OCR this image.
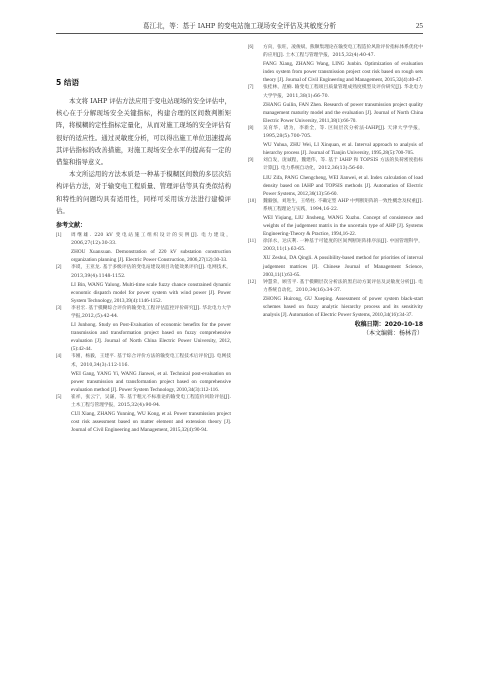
葛江北，等：基于 IAHP 的变电站施工现场安全评估及其敏度分析	25
5 结语

本文将 IAHP 评估方法应用于变电站现场的安全评估中，核心在于分解现场安全关键指标，构建合理的区间数判断矩阵，将模糊的定性指标定量化，从而对施工现场的安全评估有很好的适应性。通过灵敏度分析，可以得出施工单位迅速提高其评估指标的改善措施，对施工现场安全水平的提高有一定的借鉴和指导意义。

本文所运用的方法本质是一种基于模糊区间数的多层次结构评估方法，对于输变电工程质量、管理评估等具有类似结构和特性的问题均具有适用性，同样可采用该方法进行建模评估。

参考文献：
[1]	周继雄. 220 kV 变电站施工组织设计的实例[J]. 电力建设，2006,27(12):30-33.
ZHOU Xuanxuan. Demonstration of 220 kV substation construction organization planning [J]. Electric Power Construction, 2006,27(12):30-33.
[2]	李谟，王亚龙. 基于多级评估的变电站建设项目功能效果评价[J]. 电网技术，2013,39(4):1148-1152.
LI Bin, WANG Yalong. Multi-time scale fuzzy chance constrained dynamic economic dispatch model for power system with wind power [J]. Power System Technology, 2013,39(4):1146-1152.
[3]	李君宏. 基于模糊综合评价的输变电工程评估监控评价研究[J]. 华北电力大学学报,2012,(5):42-44.
LI Junhong. Study on Post-Evaluation of economic benefits for the power transmission and transformation project based on fuzzy comprehensive evaluation [J]. Journal of North China Electric Power University, 2012,(5):42-44.
[4]	韦刚，杨毅，王建平. 基于综合评价方法的输变电工程技术后评价[J]. 电网技术，2010,34(3):112-116.
WEI Gang, YANG Yi, WANG Jianwei, et al. Technical post-evaluation on power transmission and transformation project based on comprehensive evaluation method [J]. Power System Technology, 2010,34(3):112-116.
[5]	崔祥，张云宁，吴谦，等. 基于粗元不标准论的输变电工程造价风险评估[J]. 土木工程与管理学报，2015,32(4):90-94.
CUI Xiang, ZHANG Yunning, WU Kong, et al. Power transmission project cost risk assessment based on matter element and extension theory [J]. Journal of Civil Engineering and Management, 2015,32(4):90-94.
[6]	方向，张旺，凌俊斌，熊顺集理论在输变电工程造价风险评价指标体系优化中的应用[J]. 土木工程与管理学报，2015,32(4):40-47.
FANG Xiang, ZHANG Wang, LING Junbin. Optimization of evaluation index system from power transmission project cost risk based on rough sets theory [J]. Journal of Civil Engineering and Management, 2015,32(4):40-47.
[7]	张桂林，范楠. 输变电工程项目质量管理成熟度模型及评价研究[J]. 华北电力大学学报，2011,38(1):66-70.
ZHANG Guilin, FAN Zhen. Research of power transmission project quality management maturity model and the evaluation [J]. Journal of North China Electric Power University, 2011,38(1):66-70.
[8]	吴育华，诸为，李新全，等. 区间层次分析法-IAHP[J]. 天津大学学报，1995,28(5):700-705.
WU Yuhua, ZHU Wei, LI Xinquan, et al. Interval approach to analysis of hierarchy process [J]. Journal of Tianjin University, 1995,28(5):700-705.
[9]	刘自发，庞诚程，魏建伟，等. 基于 IAHP 和 TOPSIS 方法的负荷密度指标计算[J]. 电力系统自动化，2012,36(13):56-60.
LIU Zifa, PANG Chengcheng, WEI Jianwei, et al. Index calculation of load density based on IAHP and TOPSIS methods [J]. Automation of Electric Power Systems, 2012,36(13):56-60.
[10]	魏毅强，刘进生，王绪柱. 不确定型 AHP 中判断矩阵的一致性概念及权重[J]. 系统工程理论与实践，1994,16-22.
WEI Yiqiang, LIU Jinsheng, WANG Xuzhu. Concept of consistence and weights of the judgement matrix in the uncertain type of AHP [J]. Systems Engineering-Theory & Practice, 1994,16-22.
[11]	徐泽水，达庆利. 一种基于可能度的区间判断矩阵排序法[J]. 中国管理科学，2003,11(1):63-65.
XU Zeshui, DA Qingli. A possibility-based method for priorities of interval judgement matrices [J]. Chinese Journal of Management Science, 2003,11(1):63-65.
[12]	钟慧荣，顾雪平. 基于模糊层次分析法的黑启动方案评估及灵敏度分析[J]. 电力系统自动化，2010,34(16):34-37.
ZHONG Huirong, GU Xueping. Assessment of power system black-start schemes based on fuzzy analytic hierarchy process and its sensitivity analysis [J]. Automation of Electric Power Systems, 2010,34(16):34-37.
收稿日期：2020-10-18
（本文编辑：杨林青）
